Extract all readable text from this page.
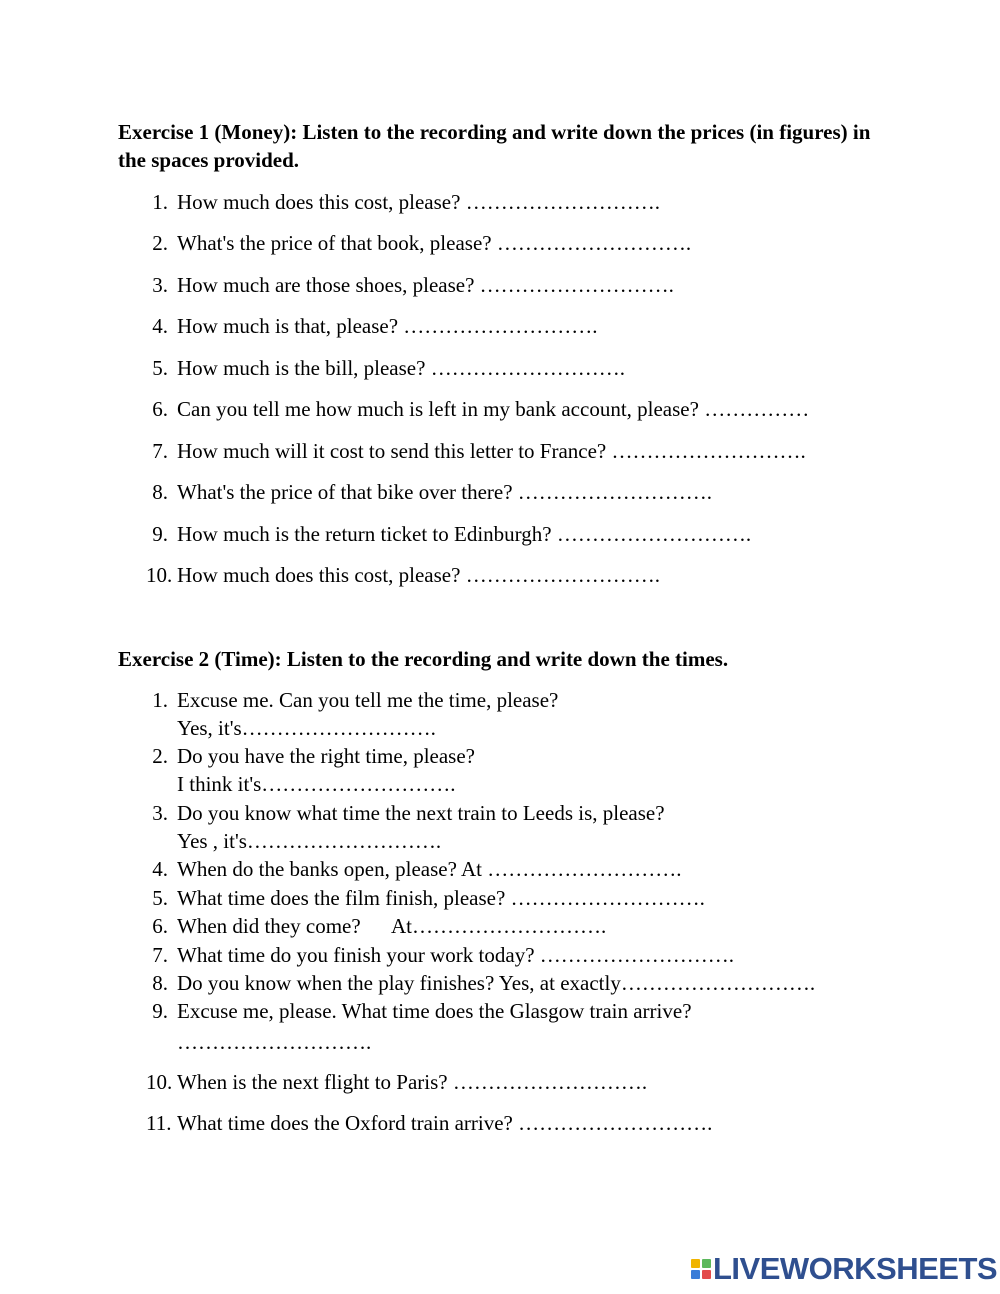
Exercise 1 (Money): Listen to the recording and write down the prices (in figures) in the spaces provided.

1. How much does this cost, please? ……………………….
2. What's the price of that book, please? ……………………….
3. How much are those shoes, please? ……………………….
4. How much is that, please? ……………………….
5. How much is the bill, please? ……………………….
6. Can you tell me how much is left in my bank account, please? ……………
7. How much will it cost to send this letter to France? ……………………….
8. What's the price of that bike over there? ……………………….
9. How much is the return ticket to Edinburgh? ……………………….
10. How much does this cost, please? ……………………….

Exercise 2 (Time): Listen to the recording and write down the times.

1. Excuse me. Can you tell me the time, please?
Yes, it's……………………….
2. Do you have the right time, please?
I think it's……………………….
3. Do you know what time the next train to Leeds is, please?
Yes , it's……………………….
4. When do the banks open, please? At ……………………….
5. What time does the film finish, please? ……………………….
6. When did they come?      At……………………….
7. What time do you finish your work today? ……………………….
8. Do you know when the play finishes? Yes, at exactly……………………….
9. Excuse me, please. What time does the Glasgow train arrive?
……………………….
10. When is the next flight to Paris? ……………………….
11. What time does the Oxford train arrive? ……………………….
LIVEWORKSHEETS
